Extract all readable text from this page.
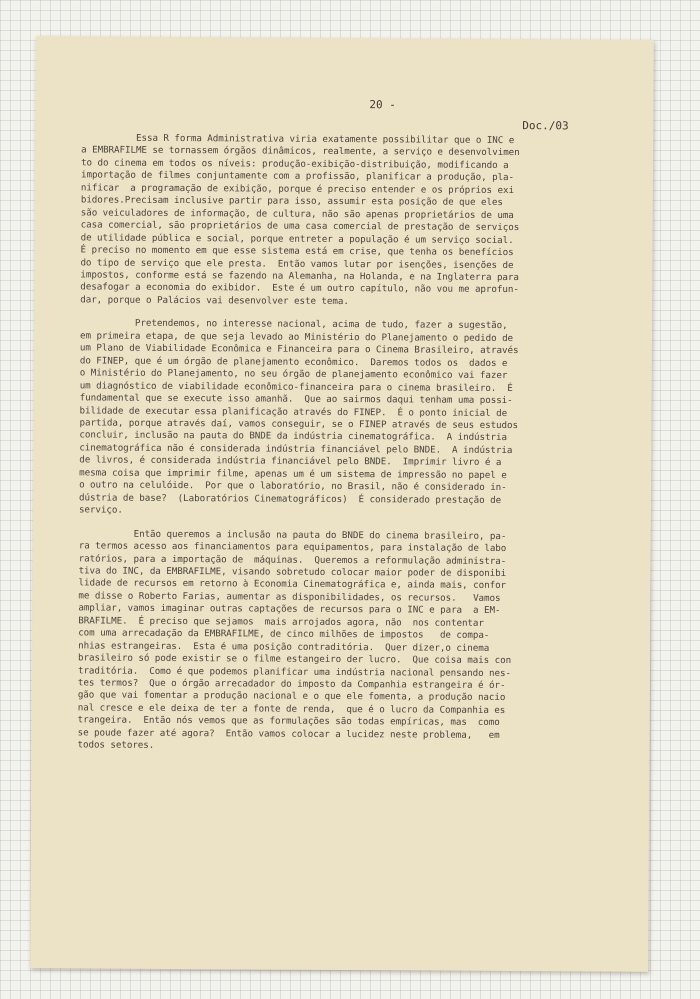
20 -
Doc./03
Essa R forma Administrativa viria exatamente possibilitar que o INC e
a EMBRAFILME se tornassem órgãos dinâmicos, realmente, a serviço e desenvolvimen
to do cinema em todos os níveis: produção-exibição-distribuição, modificando a
importação de filmes conjuntamente com a profissão, planificar a produção, pla-
nificar  a programação de exibição, porque é preciso entender e os próprios exi
bidores.Precisam inclusive partir para isso, assumir esta posição de que eles
são veiculadores de informação, de cultura, não são apenas proprietários de uma
casa comercial, são proprietários de uma casa comercial de prestação de serviços
de utilidade pública e social, porque entreter a população é um serviço social.
É preciso no momento em que esse sistema está em crise, que tenha os benefícios
do tipo de serviço que ele presta.  Então vamos lutar por isenções, isenções de
impostos, conforme está se fazendo na Alemanha, na Holanda, e na Inglaterra para
desafogar a economia do exibidor.  Este é um outro capítulo, não vou me aprofun-
dar, porque o Palácios vai desenvolver este tema.
Pretendemos, no interesse nacional, acima de tudo, fazer a sugestão,
em primeira etapa, de que seja levado ao Ministério do Planejamento o pedido de
um Plano de Viabilidade Econômica e Financeira para o Cinema Brasileiro, através
do FINEP, que é um órgão de planejamento econômico.  Daremos todos os  dados e
o Ministério do Planejamento, no seu órgão de planejamento econômico vai fazer
um diagnóstico de viabilidade econômico-financeira para o cinema brasileiro.  É
fundamental que se execute isso amanhã.  Que ao sairmos daqui tenham uma possi-
bilidade de executar essa planificação através do FINEP.  É o ponto inicial de
partida, porque através daí, vamos conseguir, se o FINEP através de seus estudos
concluir, inclusão na pauta do BNDE da indústria cinematográfica.  A indústria
cinematográfica não é considerada indústria financiável pelo BNDE.  A indústria
de livros, é considerada indústria financiável pelo BNDE.  Imprimir livro é a
mesma coisa que imprimir filme, apenas um é um sistema de impressão no papel e
o outro na celulóide.  Por que o laboratório, no Brasil, não é considerado in-
dústria de base?  (Laboratórios Cinematográficos)  É considerado prestação de
serviço.
Então queremos a inclusão na pauta do BNDE do cinema brasileiro, pa-
ra termos acesso aos financiamentos para equipamentos, para instalação de labo
ratórios, para a importação de  máquinas.  Queremos a reformulação administra-
tiva do INC, da EMBRAFILME, visando sobretudo colocar maior poder de disponibi
lidade de recursos em retorno à Economia Cinematográfica e, ainda mais, confor
me disse o Roberto Farias, aumentar as disponibilidades, os recursos.   Vamos
ampliar, vamos imaginar outras captações de recursos para o INC e para  a EM-
BRAFILME.  É preciso que sejamos  mais arrojados agora, não  nos contentar
com uma arrecadação da EMBRAFILME, de cinco milhões de impostos   de compa-
nhias estrangeiras.  Esta é uma posição contraditória.  Quer dizer,o cinema
brasileiro só pode existir se o filme estangeiro der lucro.  Que coisa mais con
traditória.  Como é que podemos planificar uma indústria nacional pensando nes-
tes termos?  Que o órgão arrecadador do imposto da Companhia estrangeira é ór-
gão que vai fomentar a produção nacional e o que ele fomenta, a produção nacio
nal cresce e ele deixa de ter a fonte de renda,  que é o lucro da Companhia es
trangeira.  Então nós vemos que as formulações são todas empíricas, mas  como
se poude fazer até agora?  Então vamos colocar a lucidez neste problema,   em
todos setores.
